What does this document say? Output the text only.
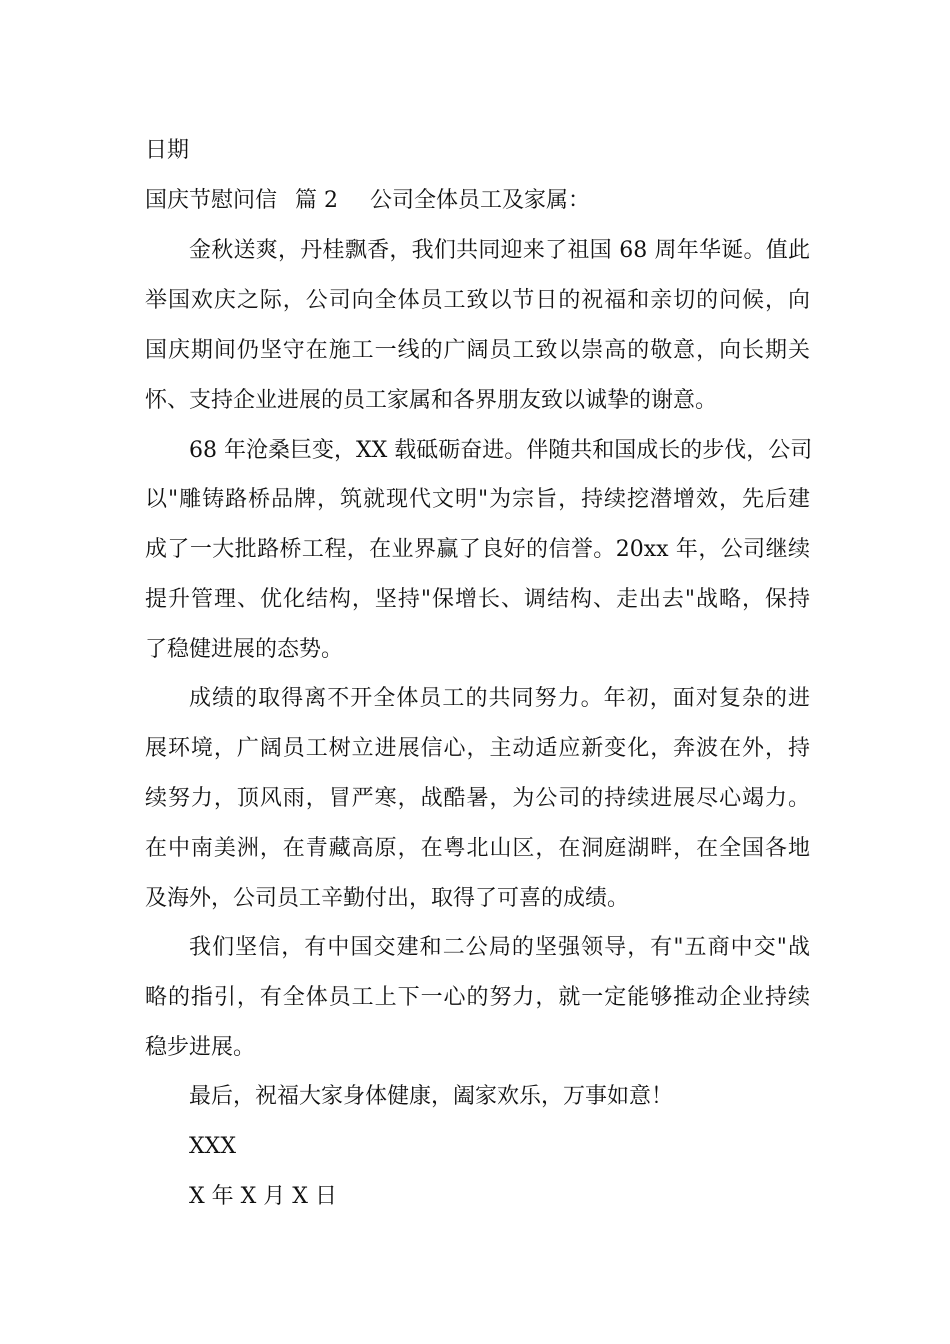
日期
国庆节慰问信 篇 2 公司全体员工及家属：
金秋送爽，丹桂飘香，我们共同迎来了祖国 68 周年华诞。值此
举国欢庆之际，公司向全体员工致以节日的祝福和亲切的问候，向
国庆期间仍坚守在施工一线的广阔员工致以崇高的敬意，向长期关
怀、支持企业进展的员工家属和各界朋友致以诚挚的谢意。
68 年沧桑巨变，XX 载砥砺奋进。伴随共和国成长的步伐，公司
以"雕铸路桥品牌，筑就现代文明"为宗旨，持续挖潜增效，先后建
成了一大批路桥工程，在业界赢了良好的信誉。20xx 年，公司继续
提升管理、优化结构，坚持"保增长、调结构、走出去"战略，保持
了稳健进展的态势。
成绩的取得离不开全体员工的共同努力。年初，面对复杂的进
展环境，广阔员工树立进展信心，主动适应新变化，奔波在外，持
续努力，顶风雨，冒严寒，战酷暑，为公司的持续进展尽心竭力。
在中南美洲，在青藏高原，在粤北山区，在洞庭湖畔，在全国各地
及海外，公司员工辛勤付出，取得了可喜的成绩。
我们坚信，有中国交建和二公局的坚强领导，有"五商中交"战
略的指引，有全体员工上下一心的努力，就一定能够推动企业持续
稳步进展。
最后，祝福大家身体健康，阖家欢乐，万事如意！
XXX
X 年 X 月 X 日
